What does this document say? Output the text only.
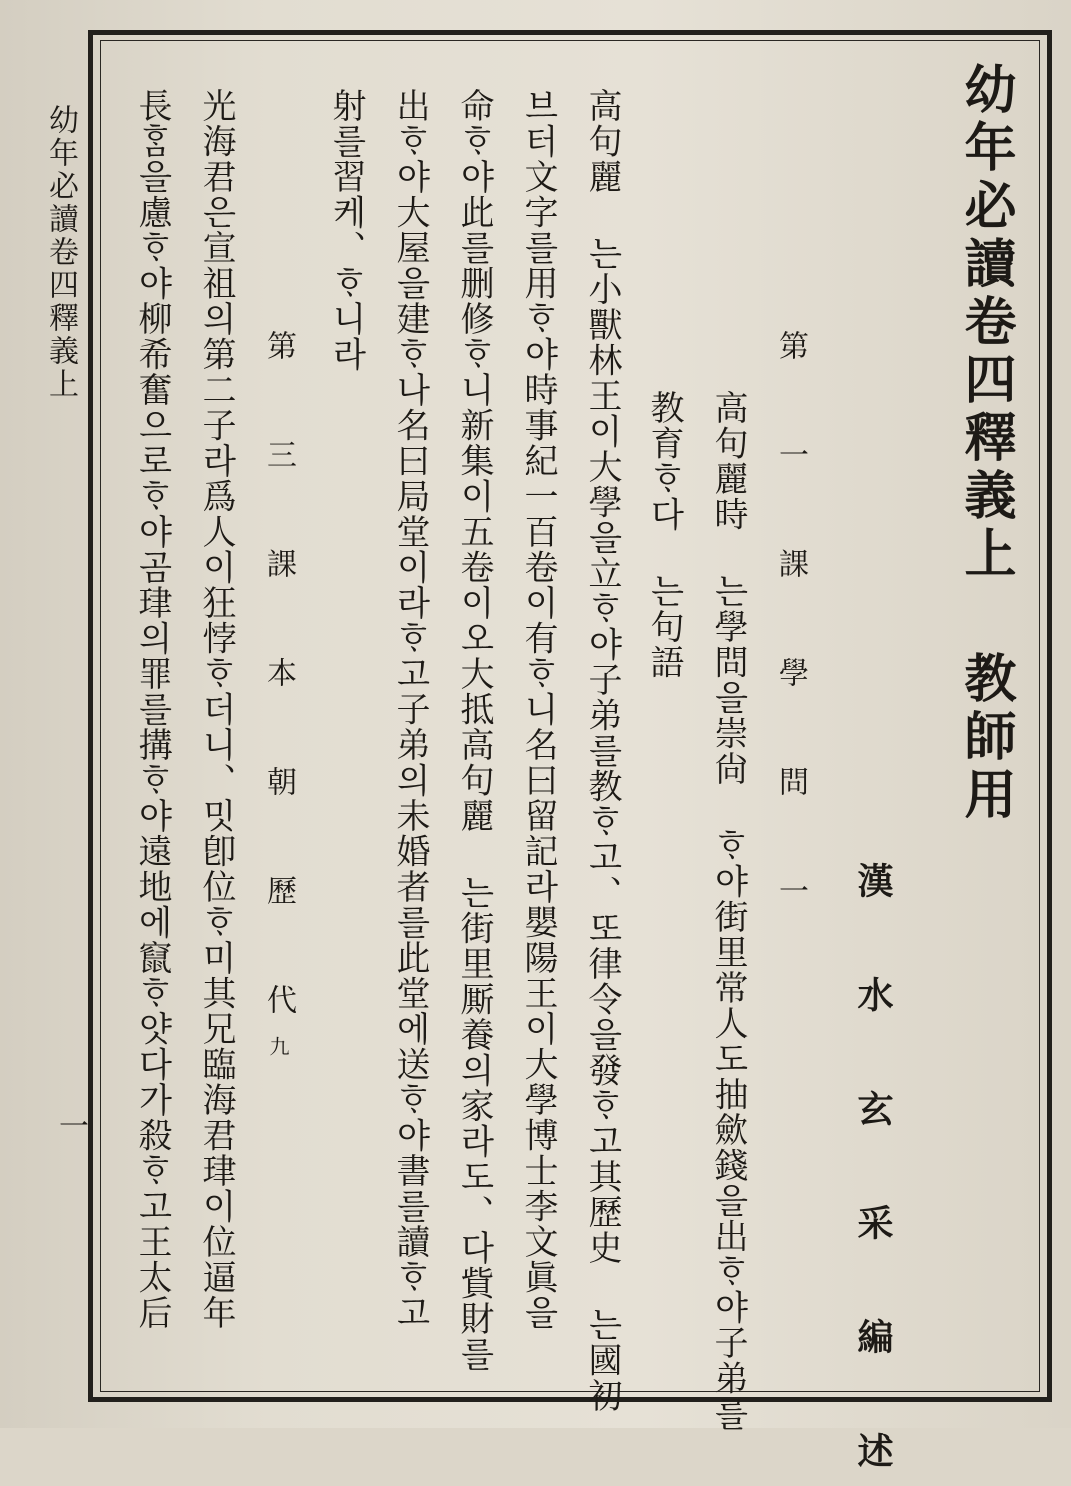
幼年必讀卷四釋義上 教師用
漢 水 玄 采 編 述
第 一 課 學 問 一
高句麗時 는學問을崇尙 ᄒᆞ야街里常人도抽歛錢을出ᄒᆞ야子弟를
教育ᄒᆞ다 는句語
高句麗 는小獸林王이大學을立ᄒᆞ야子弟를教ᄒᆞ고、또律令을發ᄒᆞ고其歷史 는國初
브터文字를用ᄒᆞ야時事紀一百卷이有ᄒᆞ니名曰留記라嬰陽王이大學博士李文眞을
命ᄒᆞ야此를删修ᄒᆞ니新集이五卷이오大抵高句麗 는街里厮養의家라도、다貲財를
出ᄒᆞ야大屋을建ᄒᆞ나名曰局堂이라ᄒᆞ고子弟의未婚者를此堂에送ᄒᆞ야書를讀ᄒᆞ고
射를習케、ᄒᆞ니라
第 三 課 本 朝 歷 代九
光海君은宣祖의第二子라爲人이狂悖ᄒᆞ더니、밋卽位ᄒᆞ미其兄臨海君珒이位逼年
長ᄒᆞᆷ을慮ᄒᆞ야柳希奮으로ᄒᆞ야곰珒의罪를搆ᄒᆞ야遠地에竄ᄒᆞ얏다가殺ᄒᆞ고王太后
幼年必讀卷四釋義上
一
